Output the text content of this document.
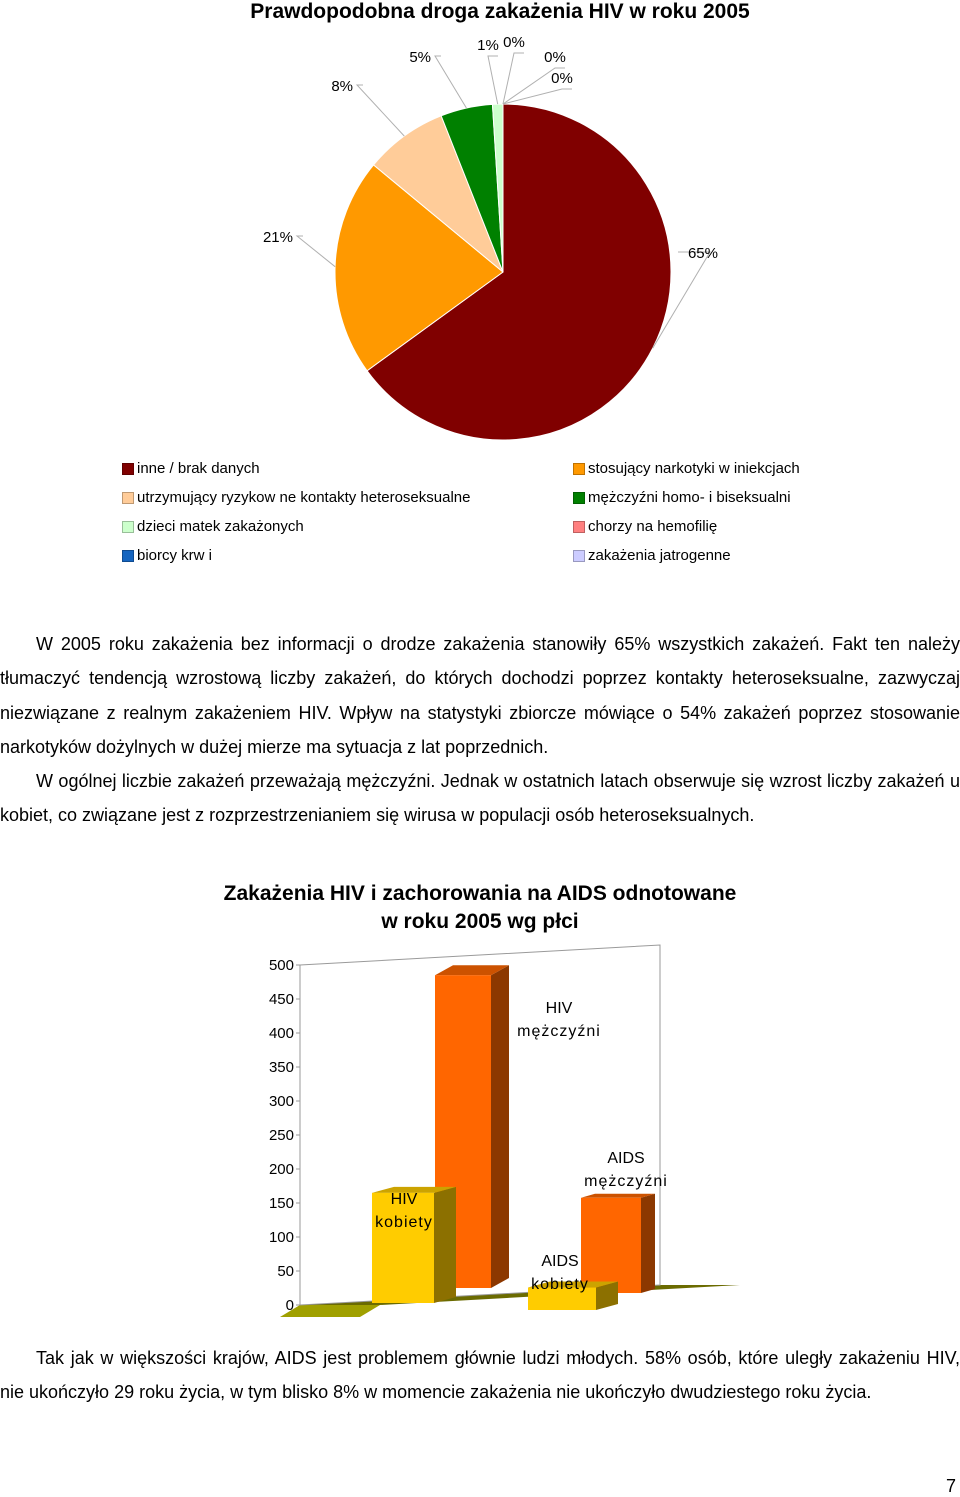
Prawdopodobna droga zakażenia HIV w roku 2005
65%
21%
8%
5%
1% 0%
0%
0%
inne / brak danych	stosujący narkotyki w iniekcjach
utrzymujący ryzykow ne kontakty heteroseksualne	mężczyźni homo- i biseksualni
dzieci matek zakażonych	chorzy na hemofilię
biorcy krw i	zakażenia jatrogenne

W 2005 roku zakażenia bez informacji o drodze zakażenia stanowiły 65% wszystkich zakażeń. Fakt ten należy tłumaczyć tendencją wzrostową liczby zakażeń, do których dochodzi poprzez kontakty heteroseksualne, zazwyczaj niezwiązane z realnym zakażeniem HIV. Wpływ na statystyki zbiorcze mówiące o 54% zakażeń poprzez stosowanie narkotyków dożylnych w dużej mierze ma sytuacja z lat poprzednich.

W ogólnej liczbie zakażeń przeważają mężczyźni. Jednak w ostatnich latach obserwuje się wzrost liczby zakażeń u kobiet, co związane jest z rozprzestrzenianiem się wirusa w populacji osób heteroseksualnych.

Zakażenia HIV i zachorowania na AIDS odnotowane
w roku 2005 wg płci
0
50
100
150
200
250
300
350
400
450
500
HIV
kobiety
HIV
mężczyźni
AIDS
kobiety
AIDS
mężczyźni

Tak jak w większości krajów, AIDS jest problemem głównie ludzi młodych. 58% osób, które uległy zakażeniu HIV, nie ukończyło 29 roku życia, w tym blisko 8% w momencie zakażenia nie ukończyło dwudziestego roku życia.

7
